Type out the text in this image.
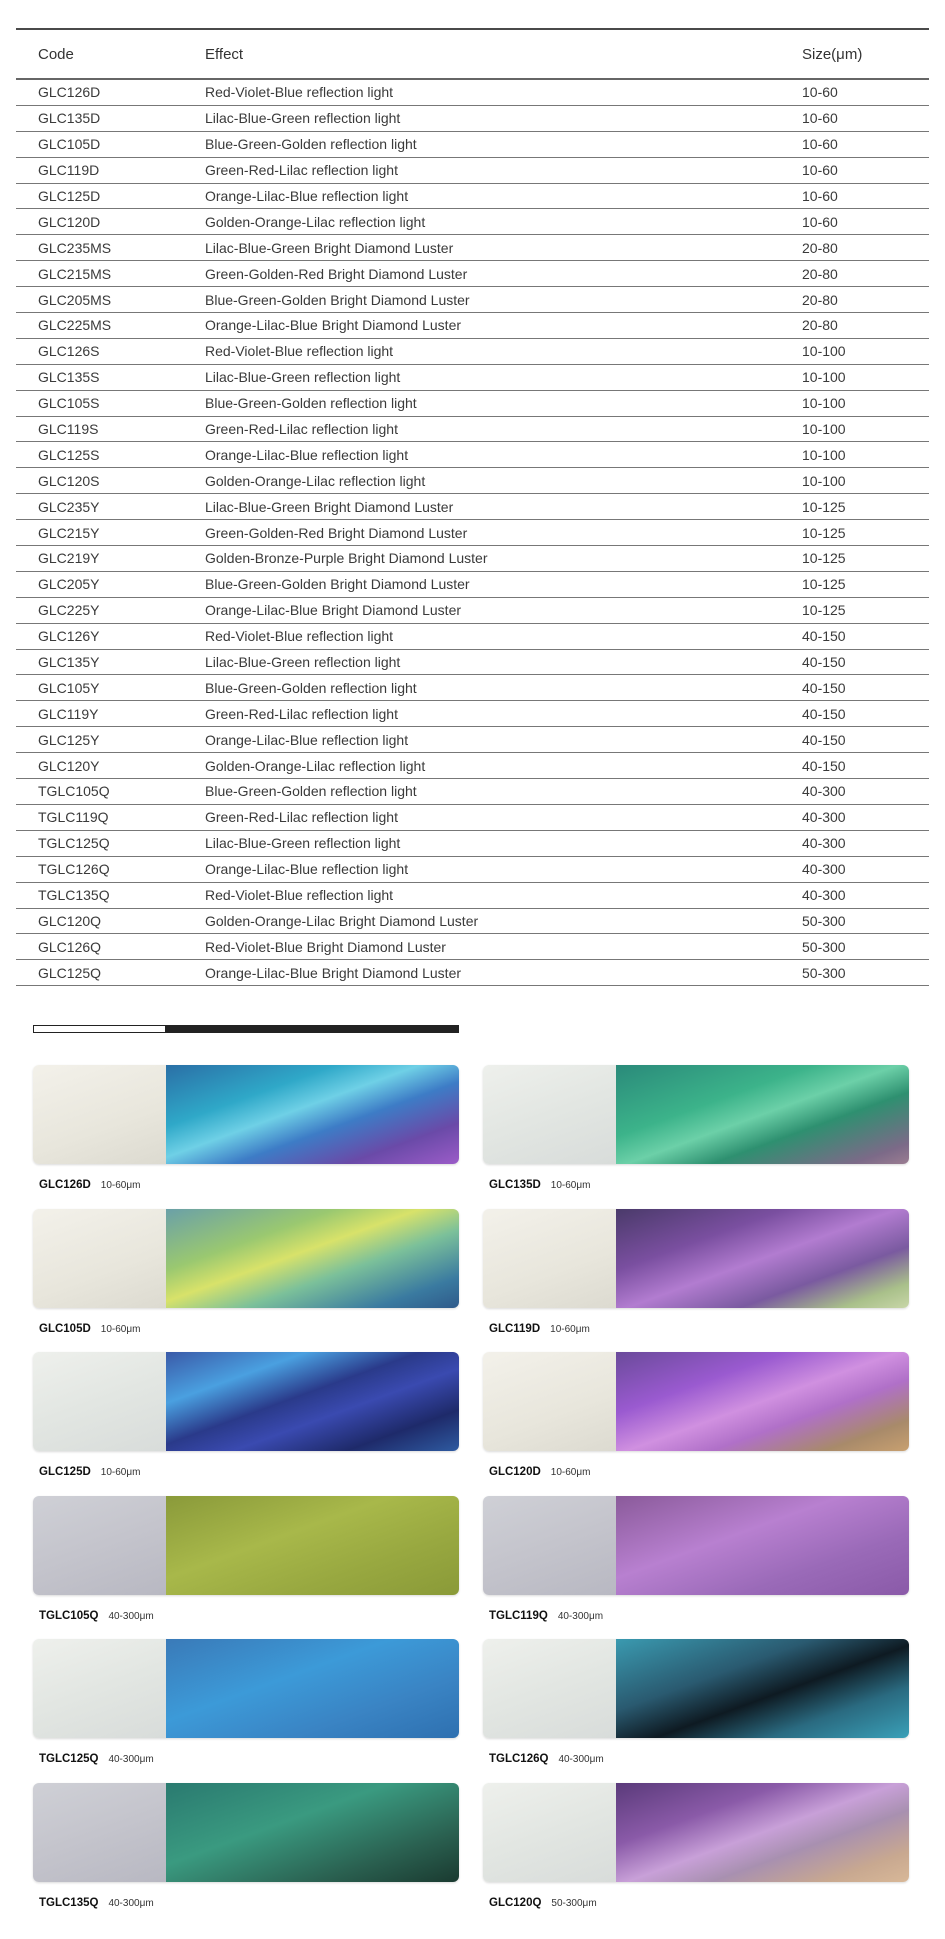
Code	Effect	Size(μm)
GLC126D	Red-Violet-Blue reflection light	10-60
GLC135D	Lilac-Blue-Green reflection light	10-60
GLC105D	Blue-Green-Golden reflection light	10-60
GLC119D	Green-Red-Lilac reflection light	10-60
GLC125D	Orange-Lilac-Blue reflection light	10-60
GLC120D	Golden-Orange-Lilac reflection light	10-60
GLC235MS	Lilac-Blue-Green Bright Diamond Luster	20-80
GLC215MS	Green-Golden-Red Bright Diamond Luster	20-80
GLC205MS	Blue-Green-Golden Bright Diamond Luster	20-80
GLC225MS	Orange-Lilac-Blue Bright Diamond Luster	20-80
GLC126S	Red-Violet-Blue reflection light	10-100
GLC135S	Lilac-Blue-Green reflection light	10-100
GLC105S	Blue-Green-Golden reflection light	10-100
GLC119S	Green-Red-Lilac reflection light	10-100
GLC125S	Orange-Lilac-Blue reflection light	10-100
GLC120S	Golden-Orange-Lilac reflection light	10-100
GLC235Y	Lilac-Blue-Green Bright Diamond Luster	10-125
GLC215Y	Green-Golden-Red Bright Diamond Luster	10-125
GLC219Y	Golden-Bronze-Purple Bright Diamond Luster	10-125
GLC205Y	Blue-Green-Golden Bright Diamond Luster	10-125
GLC225Y	Orange-Lilac-Blue Bright Diamond Luster	10-125
GLC126Y	Red-Violet-Blue reflection light	40-150
GLC135Y	Lilac-Blue-Green reflection light	40-150
GLC105Y	Blue-Green-Golden reflection light	40-150
GLC119Y	Green-Red-Lilac reflection light	40-150
GLC125Y	Orange-Lilac-Blue reflection light	40-150
GLC120Y	Golden-Orange-Lilac reflection light	40-150
TGLC105Q	Blue-Green-Golden reflection light	40-300
TGLC119Q	Green-Red-Lilac reflection light	40-300
TGLC125Q	Lilac-Blue-Green reflection light	40-300
TGLC126Q	Orange-Lilac-Blue reflection light	40-300
TGLC135Q	Red-Violet-Blue reflection light	40-300
GLC120Q	Golden-Orange-Lilac Bright Diamond Luster	50-300
GLC126Q	Red-Violet-Blue Bright Diamond Luster	50-300
GLC125Q	Orange-Lilac-Blue Bright Diamond Luster	50-300
GLC126D 10-60μm	GLC135D 10-60μm
GLC105D 10-60μm	GLC119D 10-60μm
GLC125D 10-60μm	GLC120D 10-60μm
TGLC105Q 40-300μm	TGLC119Q 40-300μm
TGLC125Q 40-300μm	TGLC126Q 40-300μm
TGLC135Q 40-300μm	GLC120Q 50-300μm
